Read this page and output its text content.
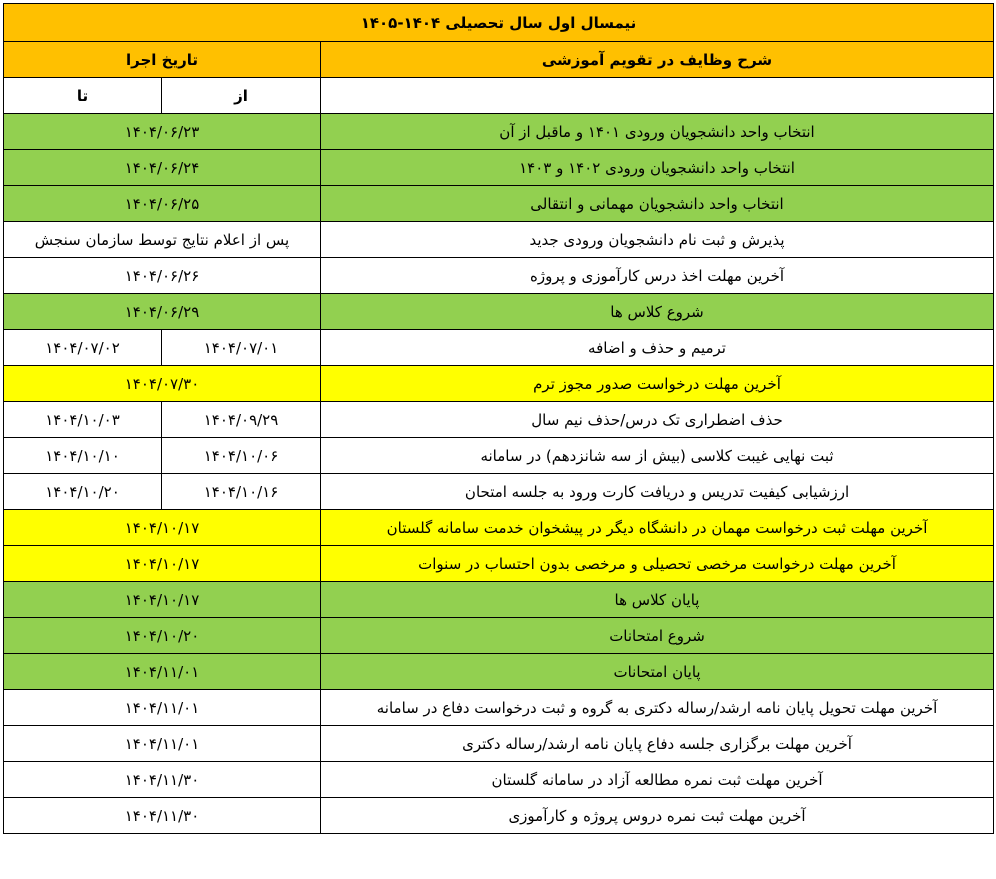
نیمسال اول سال تحصیلی ۱۴۰۴-۱۴۰۵		
شرح وظایف در تقویم آموزشی	تاریخ اجرا	
	از	تا
انتخاب واحد دانشجویان ورودی ۱۴۰۱ و ماقبل از آن	۱۴۰۴/۰۶/۲۳	
انتخاب واحد دانشجویان ورودی ۱۴۰۲ و ۱۴۰۳	۱۴۰۴/۰۶/۲۴	
انتخاب واحد دانشجویان مهمانی و انتقالی	۱۴۰۴/۰۶/۲۵	
پذیرش و ثبت نام دانشجویان ورودی جدید	پس از اعلام نتایج توسط سازمان سنجش	
آخرین مهلت اخذ درس کارآموزی و پروژه	۱۴۰۴/۰۶/۲۶	
شروع کلاس ها	۱۴۰۴/۰۶/۲۹	
ترمیم و حذف و اضافه	۱۴۰۴/۰۷/۰۱	۱۴۰۴/۰۷/۰۲
آخرین مهلت درخواست صدور مجوز ترم	۱۴۰۴/۰۷/۳۰	
حذف اضطراری تک درس/حذف نیم سال	۱۴۰۴/۰۹/۲۹	۱۴۰۴/۱۰/۰۳
ثبت نهایی غیبت کلاسی (بیش از سه شانزدهم) در سامانه	۱۴۰۴/۱۰/۰۶	۱۴۰۴/۱۰/۱۰
ارزشیابی کیفیت تدریس و دریافت کارت ورود به جلسه امتحان	۱۴۰۴/۱۰/۱۶	۱۴۰۴/۱۰/۲۰
آخرین مهلت ثبت درخواست مهمان در دانشگاه دیگر در پیشخوان خدمت سامانه گلستان	۱۴۰۴/۱۰/۱۷	
آخرین مهلت درخواست مرخصی تحصیلی و مرخصی بدون احتساب در سنوات	۱۴۰۴/۱۰/۱۷	
پایان کلاس ها	۱۴۰۴/۱۰/۱۷	
شروع امتحانات	۱۴۰۴/۱۰/۲۰	
پایان امتحانات	۱۴۰۴/۱۱/۰۱	
آخرین مهلت تحویل پایان نامه ارشد/رساله دکتری به گروه و ثبت درخواست دفاع در سامانه	۱۴۰۴/۱۱/۰۱	
آخرین مهلت برگزاری جلسه دفاع پایان نامه ارشد/رساله دکتری	۱۴۰۴/۱۱/۰۱	
آخرین مهلت ثبت نمره مطالعه آزاد در سامانه گلستان	۱۴۰۴/۱۱/۳۰	
آخرین مهلت ثبت نمره دروس پروژه و کارآموزی	۱۴۰۴/۱۱/۳۰	
